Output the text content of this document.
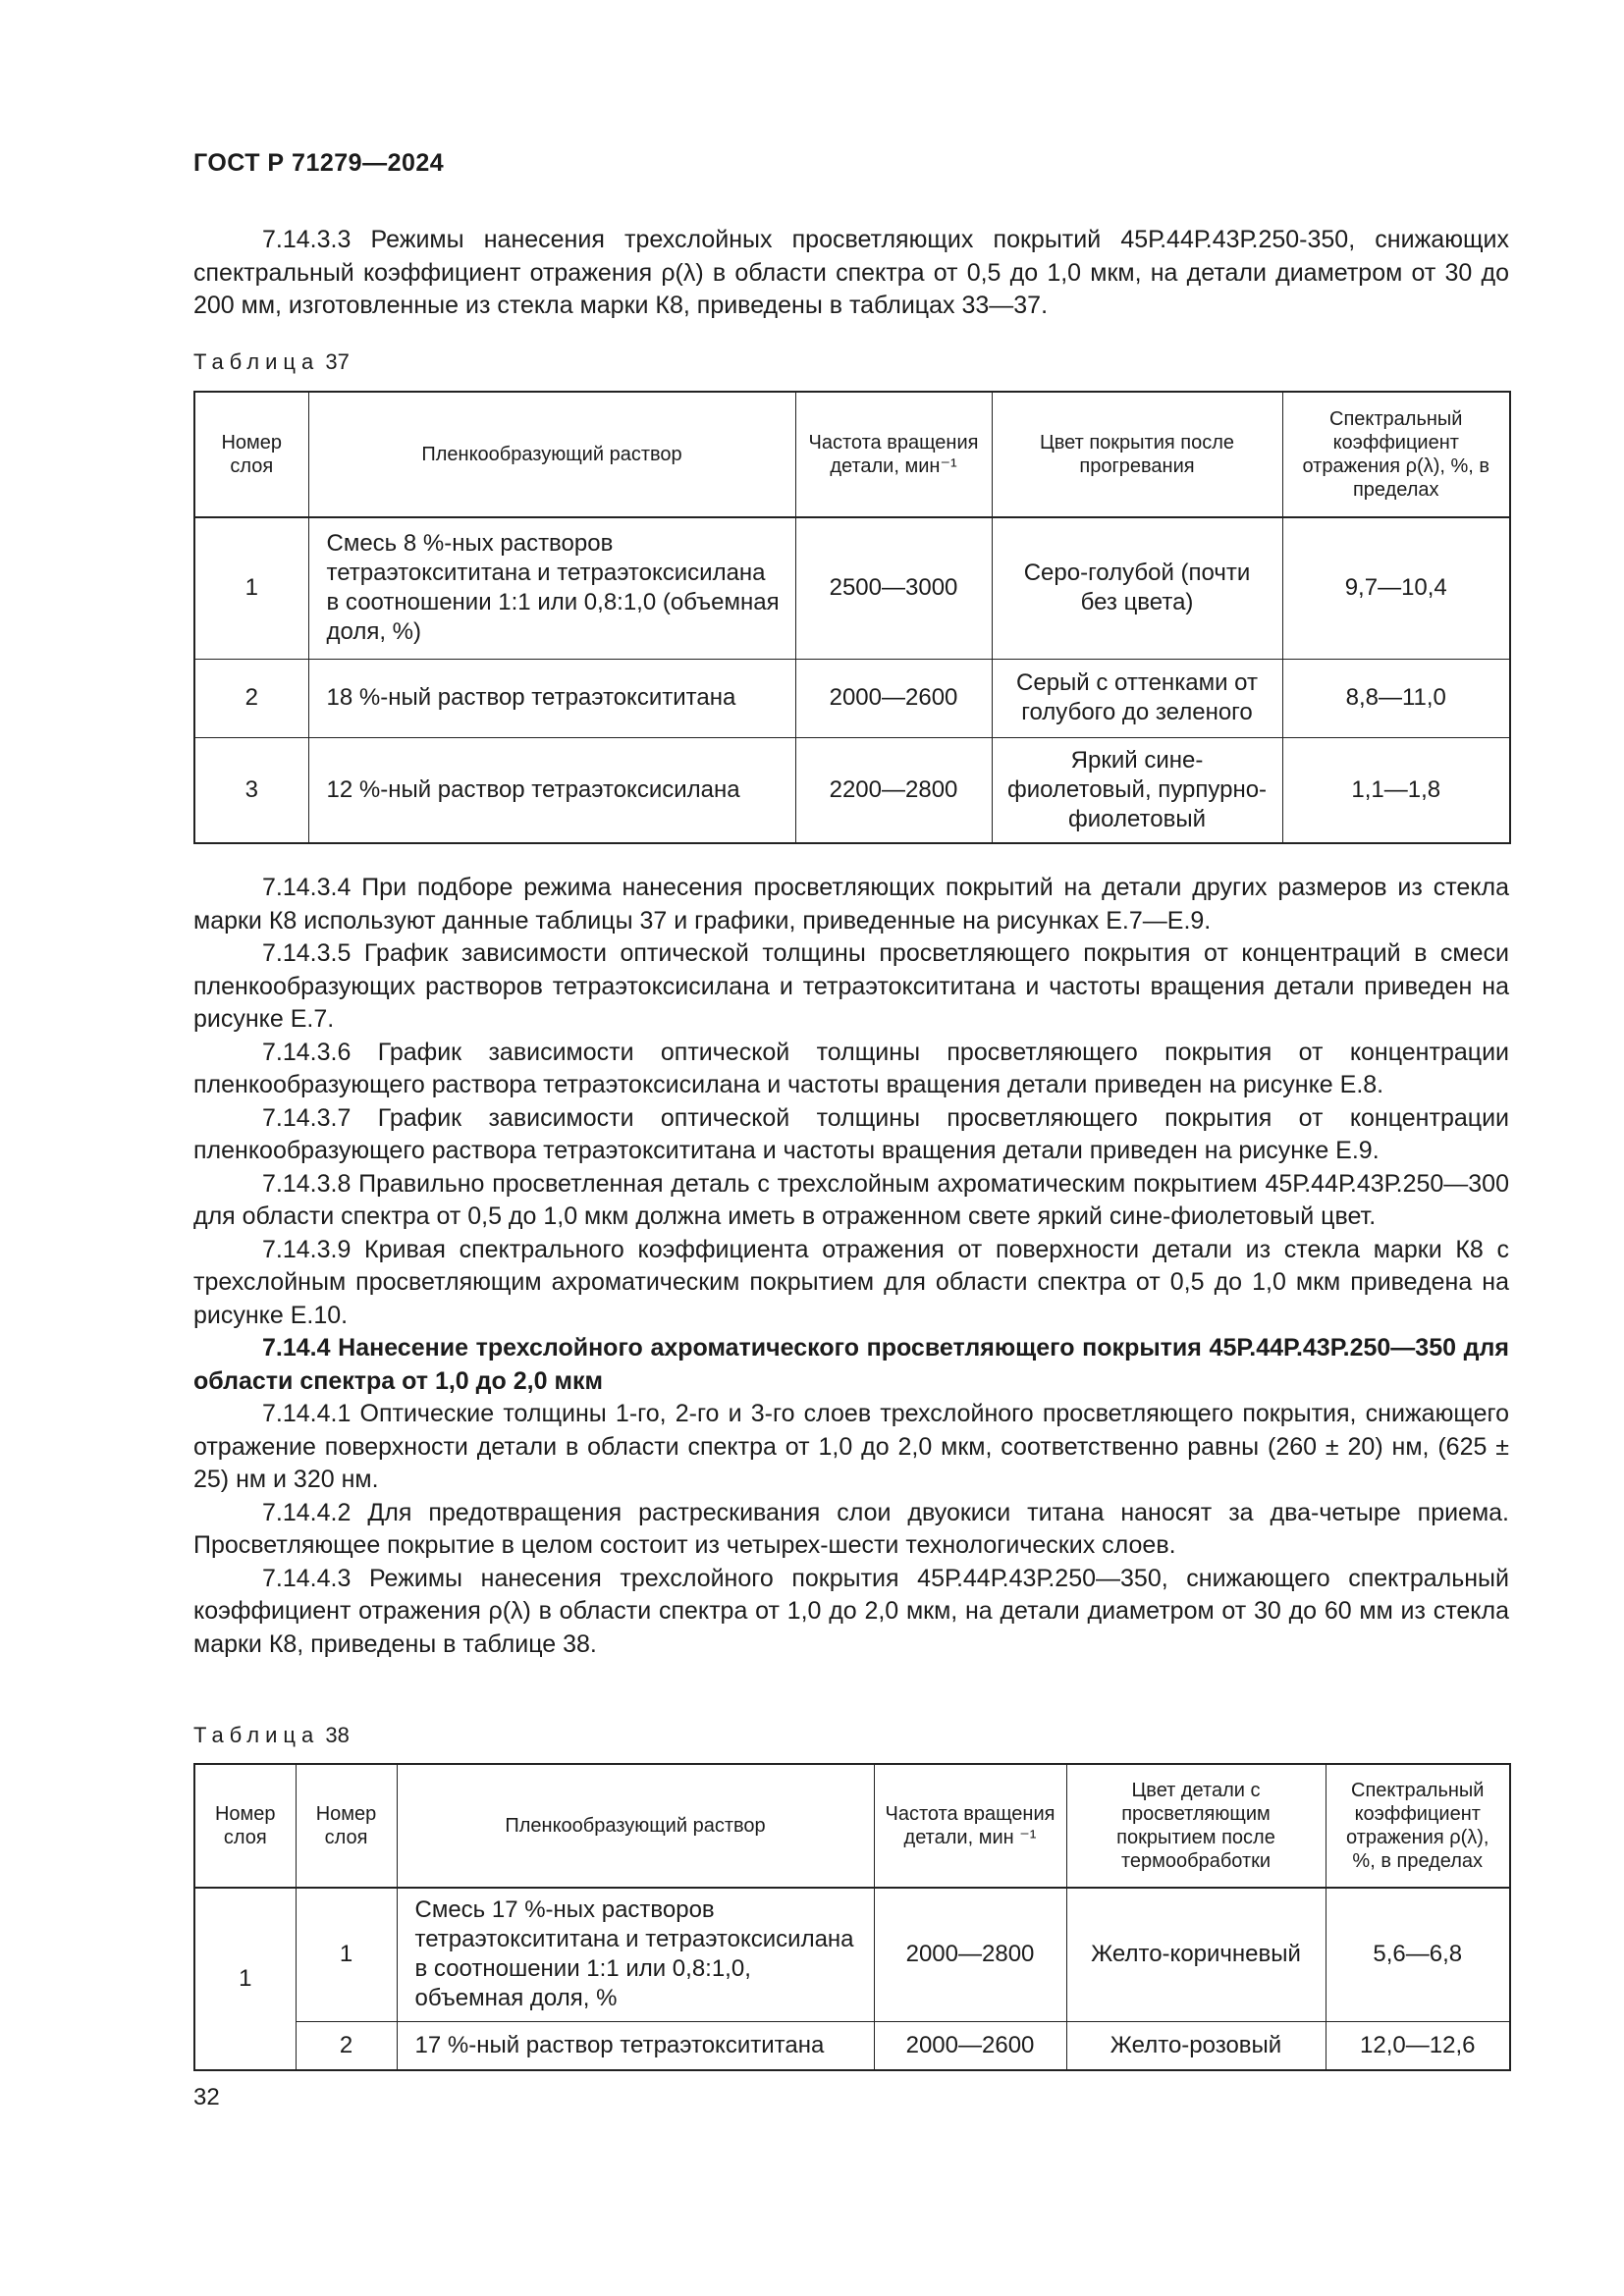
ГОСТ Р 71279—2024

7.14.3.3 Режимы нанесения трехслойных просветляющих покрытий 45Р.44Р.43Р.250-350, снижающих спектральный коэффициент отражения ρ(λ) в области спектра от 0,5 до 1,0 мкм, на детали диаметром от 30 до 200 мм, изготовленные из стекла марки К8, приведены в таблицах 33—37.

Таблица 37
Номер слоя	Пленкообразующий раствор	Частота вращения детали, мин⁻¹	Цвет покрытия после прогревания	Спектральный коэффициент отражения ρ(λ), %, в пределах
1	Смесь 8 %-ных растворов тетраэтоксититана и тетраэтоксисилана в соотношении 1:1 или 0,8:1,0 (объемная доля, %)	2500—3000	Серо-голубой (почти без цвета)	9,7—10,4
2	18 %-ный раствор тетраэтоксититана	2000—2600	Серый с оттенками от голубого до зеленого	8,8—11,0
3	12 %-ный раствор тетраэтоксисилана	2200—2800	Яркий сине-фиолетовый, пурпурно-фиолетовый	1,1—1,8

7.14.3.4 При подборе режима нанесения просветляющих покрытий на детали других размеров из стекла марки К8 используют данные таблицы 37 и графики, приведенные на рисунках Е.7—Е.9.

7.14.3.5 График зависимости оптической толщины просветляющего покрытия от концентраций в смеси пленкообразующих растворов тетраэтоксисилана и тетраэтоксититана и частоты вращения детали приведен на рисунке Е.7.

7.14.3.6 График зависимости оптической толщины просветляющего покрытия от концентрации пленкообразующего раствора тетраэтоксисилана и частоты вращения детали приведен на рисунке Е.8.

7.14.3.7 График зависимости оптической толщины просветляющего покрытия от концентрации пленкообразующего раствора тетраэтоксититана и частоты вращения детали приведен на рисунке Е.9.

7.14.3.8 Правильно просветленная деталь с трехслойным ахроматическим покрытием 45Р.44Р.43Р.250—300 для области спектра от 0,5 до 1,0 мкм должна иметь в отраженном свете яркий сине-фиолетовый цвет.

7.14.3.9 Кривая спектрального коэффициента отражения от поверхности детали из стекла марки К8 с трехслойным просветляющим ахроматическим покрытием для области спектра от 0,5 до 1,0 мкм приведена на рисунке Е.10.

7.14.4 Нанесение трехслойного ахроматического просветляющего покрытия 45Р.44Р.43Р.250—350 для области спектра от 1,0 до 2,0 мкм

7.14.4.1 Оптические толщины 1-го, 2-го и 3-го слоев трехслойного просветляющего покрытия, снижающего отражение поверхности детали в области спектра от 1,0 до 2,0 мкм, соответственно равны (260 ± 20) нм, (625 ± 25) нм и 320 нм.

7.14.4.2 Для предотвращения растрескивания слои двуокиси титана наносят за два-четыре приема. Просветляющее покрытие в целом состоит из четырех-шести технологических слоев.

7.14.4.3 Режимы нанесения трехслойного покрытия 45Р.44Р.43Р.250—350, снижающего спектральный коэффициент отражения ρ(λ) в области спектра от 1,0 до 2,0 мкм, на детали диаметром от 30 до 60 мм из стекла марки К8, приведены в таблице 38.

Таблица 38
Номер слоя	Номер слоя	Пленкообразующий раствор	Частота вращения детали, мин ⁻¹	Цвет детали с просветляющим покрытием после термообработки	Спектральный коэффициент отражения ρ(λ), %, в пределах
1	1	Смесь 17 %-ных растворов тетраэтоксититана и тетраэтоксисилана в соотношении 1:1 или 0,8:1,0, объемная доля, %	2000—2800	Желто-коричневый	5,6—6,8
	2	17 %-ный раствор тетраэтоксититана	2000—2600	Желто-розовый	12,0—12,6
32
